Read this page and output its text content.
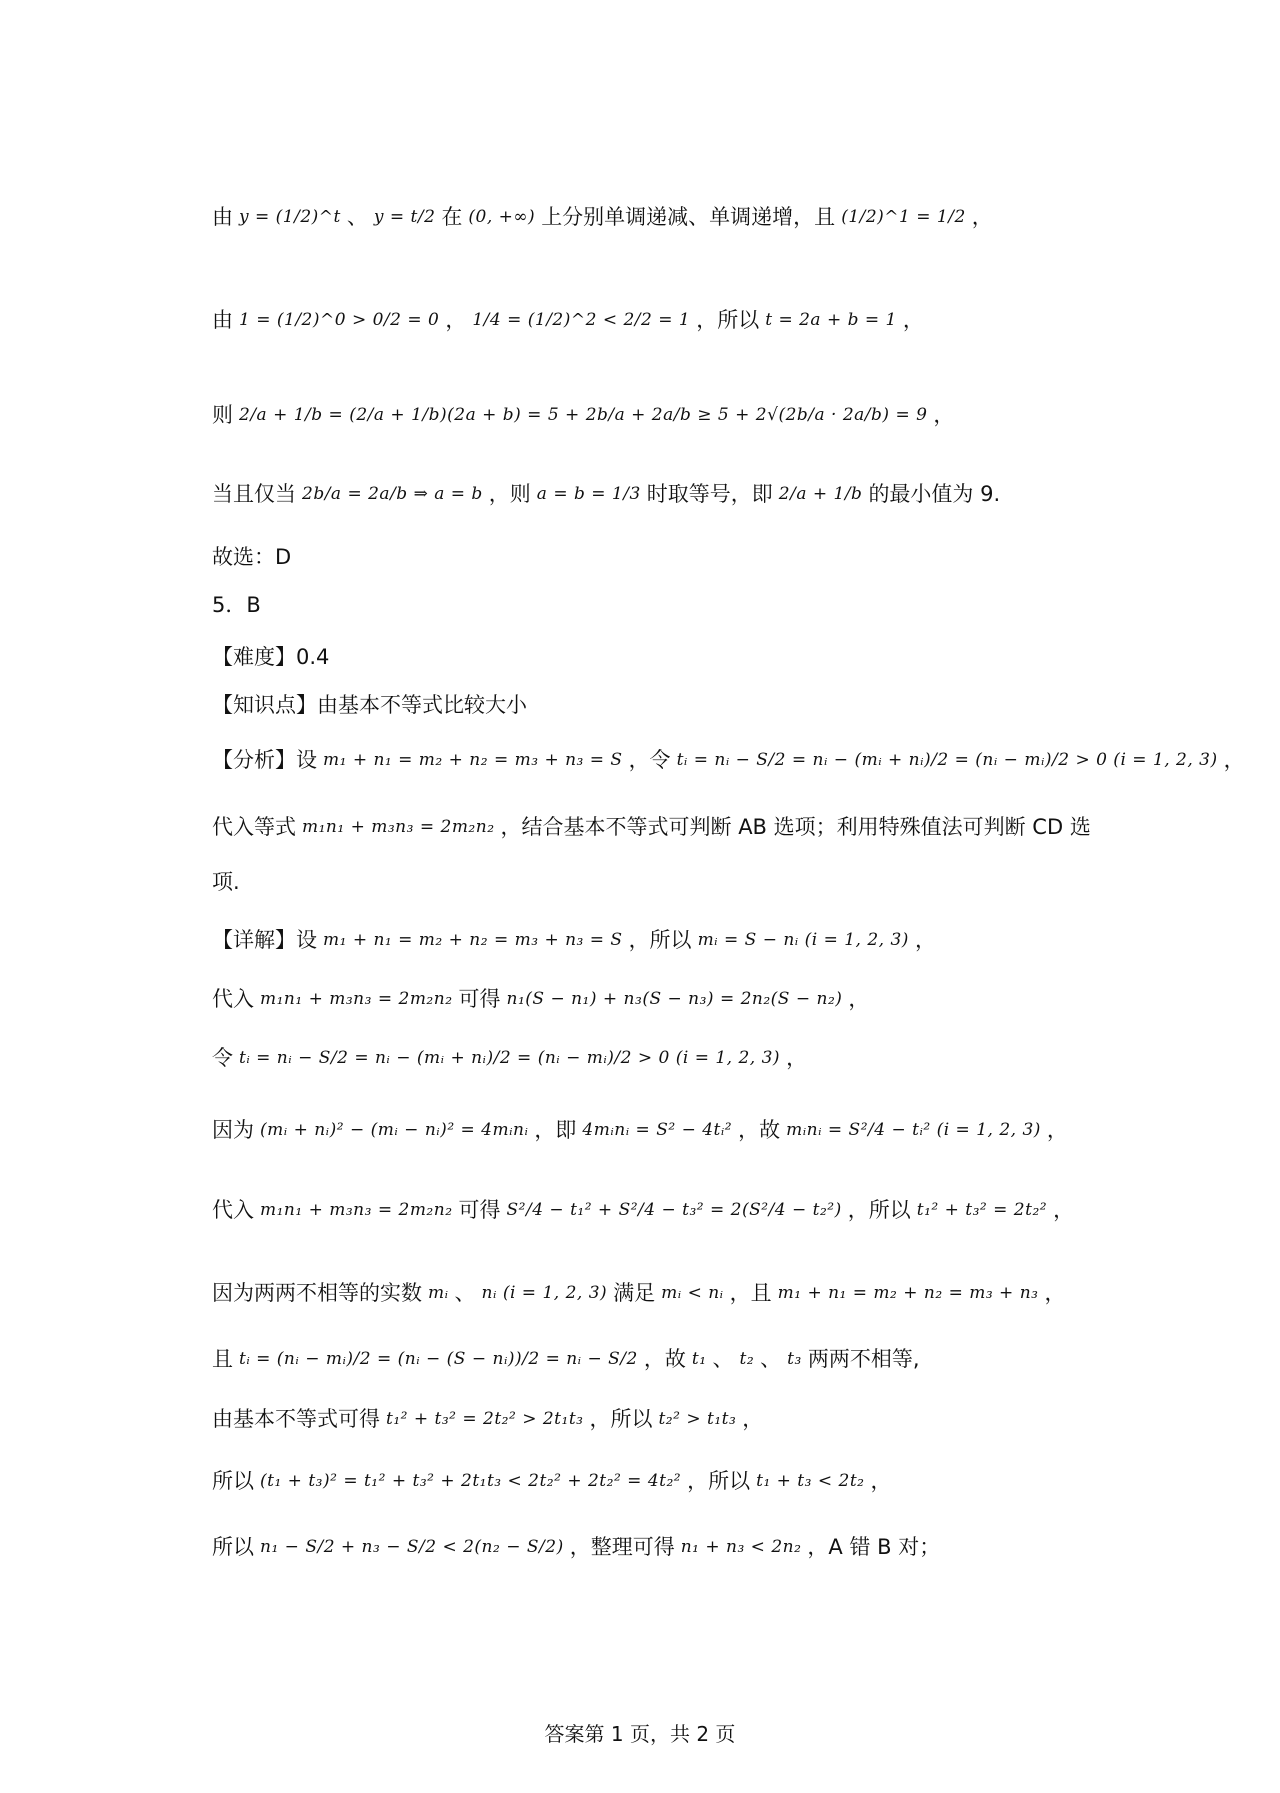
由 y = (1/2)^t 、 y = t/2 在 (0, +∞) 上分别单调递减、单调递增，且 (1/2)^1 = 1/2 ，
由 1 = (1/2)^0 > 0/2 = 0 ， 1/4 = (1/2)^2 < 2/2 = 1 ，所以 t = 2a + b = 1 ，
则 2/a + 1/b = (2/a + 1/b)(2a + b) = 5 + 2b/a + 2a/b ≥ 5 + 2√(2b/a · 2a/b) = 9 ，
当且仅当 2b/a = 2a/b ⇒ a = b ，则 a = b = 1/3 时取等号，即 2/a + 1/b 的最小值为 9.
故选：D
5．B
【难度】0.4
【知识点】由基本不等式比较大小
【分析】设 m₁ + n₁ = m₂ + n₂ = m₃ + n₃ = S ，令 tᵢ = nᵢ − S/2 = nᵢ − (mᵢ + nᵢ)/2 = (nᵢ − mᵢ)/2 > 0 (i = 1, 2, 3) ，
代入等式 m₁n₁ + m₃n₃ = 2m₂n₂ ，结合基本不等式可判断 AB 选项；利用特殊值法可判断 CD 选
项.
【详解】设 m₁ + n₁ = m₂ + n₂ = m₃ + n₃ = S ，所以 mᵢ = S − nᵢ (i = 1, 2, 3) ，
代入 m₁n₁ + m₃n₃ = 2m₂n₂ 可得 n₁(S − n₁) + n₃(S − n₃) = 2n₂(S − n₂) ，
令 tᵢ = nᵢ − S/2 = nᵢ − (mᵢ + nᵢ)/2 = (nᵢ − mᵢ)/2 > 0 (i = 1, 2, 3) ，
因为 (mᵢ + nᵢ)² − (mᵢ − nᵢ)² = 4mᵢnᵢ ，即 4mᵢnᵢ = S² − 4tᵢ² ，故 mᵢnᵢ = S²/4 − tᵢ² (i = 1, 2, 3) ，
代入 m₁n₁ + m₃n₃ = 2m₂n₂ 可得 S²/4 − t₁² + S²/4 − t₃² = 2(S²/4 − t₂²) ，所以 t₁² + t₃² = 2t₂² ，
因为两两不相等的实数 mᵢ 、 nᵢ (i = 1, 2, 3) 满足 mᵢ < nᵢ ，且 m₁ + n₁ = m₂ + n₂ = m₃ + n₃ ，
且 tᵢ = (nᵢ − mᵢ)/2 = (nᵢ − (S − nᵢ))/2 = nᵢ − S/2 ，故 t₁ 、 t₂ 、 t₃ 两两不相等,
由基本不等式可得 t₁² + t₃² = 2t₂² > 2t₁t₃ ，所以 t₂² > t₁t₃ ，
所以 (t₁ + t₃)² = t₁² + t₃² + 2t₁t₃ < 2t₂² + 2t₂² = 4t₂² ，所以 t₁ + t₃ < 2t₂ ，
所以 n₁ − S/2 + n₃ − S/2 < 2(n₂ − S/2) ，整理可得 n₁ + n₃ < 2n₂ ，A 错 B 对；
答案第 1 页，共 2 页
